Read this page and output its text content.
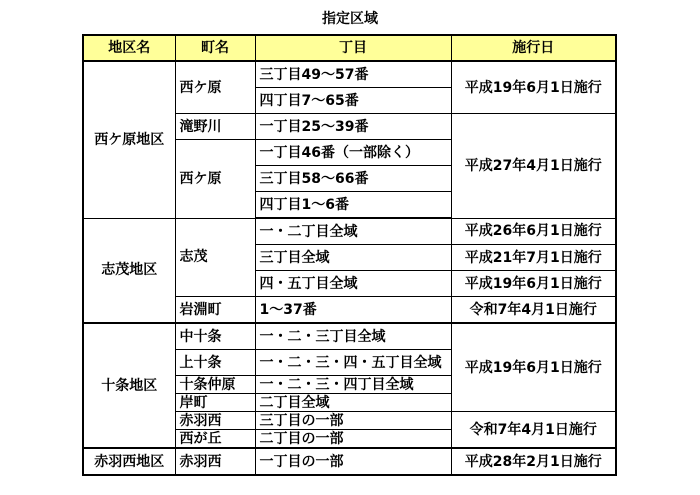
指定区域
地区名	町名	丁目	施行日
西ケ原地区	西ケ原	三丁目49～57番	平成19年6月1日施行
		四丁目7～65番	
	滝野川	一丁目25～39番	平成27年4月1日施行
	西ケ原	一丁目46番（一部除く）	
		三丁目58～66番	
		四丁目1～6番	
志茂地区	志茂	一・二丁目全域	平成26年6月1日施行
		三丁目全域	平成21年7月1日施行
		四・五丁目全域	平成19年6月1日施行
	岩淵町	1～37番	令和7年4月1日施行
十条地区	中十条	一・二・三丁目全域	平成19年6月1日施行
	上十条	一・二・三・四・五丁目全域	
	十条仲原	一・二・三・四丁目全域	
	岸町	二丁目全域	
	赤羽西	三丁目の一部	令和7年4月1日施行
	西が丘	二丁目の一部	
赤羽西地区	赤羽西	一丁目の一部	平成28年2月1日施行
